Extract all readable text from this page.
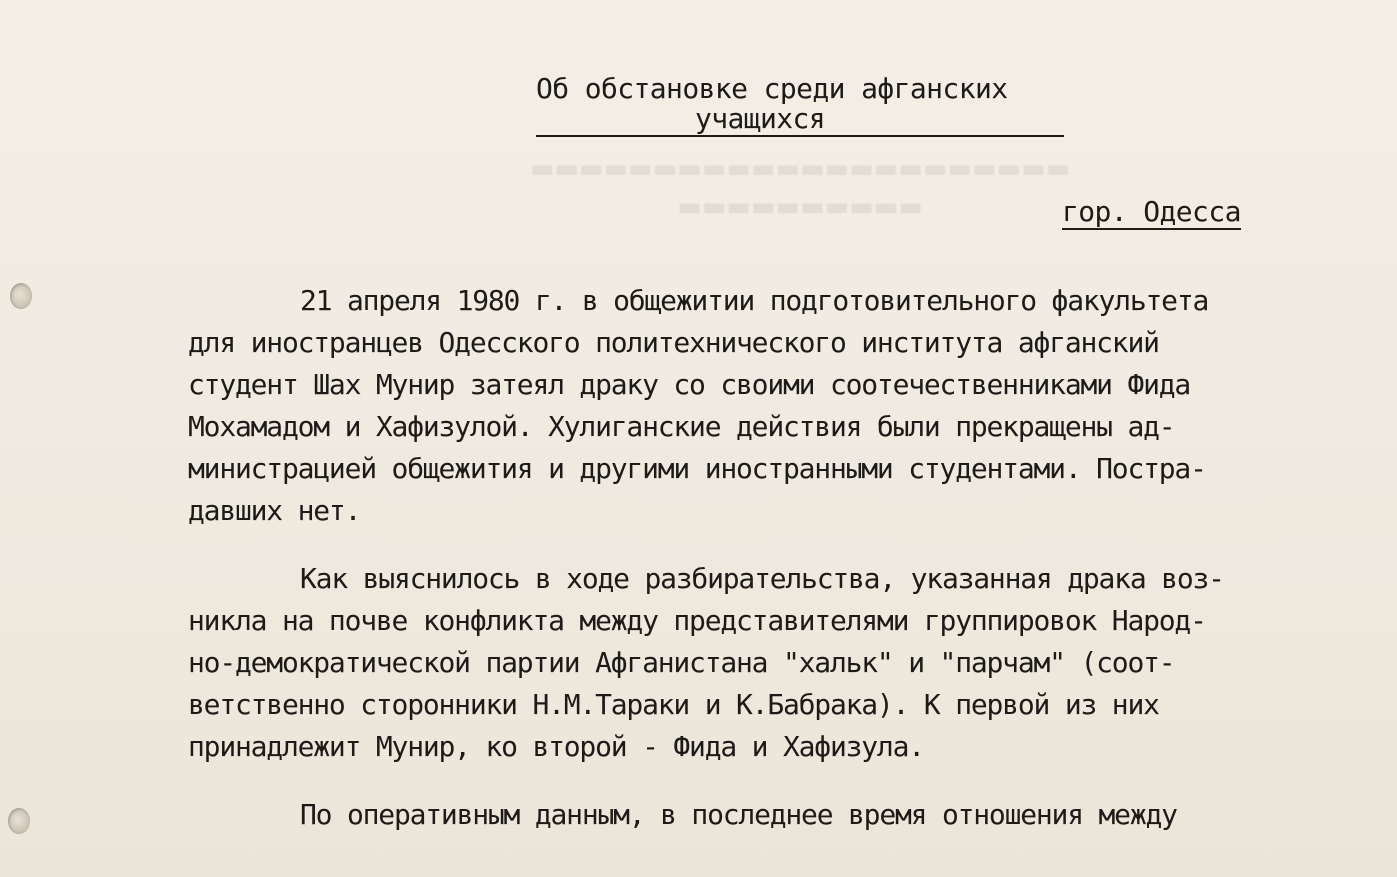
▬▬▬▬▬▬▬▬▬▬▬▬▬▬▬▬▬▬▬▬▬▬
▬▬▬▬▬▬▬▬▬▬
Об обстановке среди афганских
учащихся
гор. Одесса
21 апреля 1980 г. в общежитии подготовительного факультета
для иностранцев Одесского политехнического института афганский
студент Шах Мунир затеял драку со своими соотечественниками Фида
Мохамадом и Хафизулой. Хулиганские действия были прекращены ад-
министрацией общежития и другими иностранными студентами. Постра-
давших нет.
Как выяснилось в ходе разбирательства, указанная драка воз-
никла на почве конфликта между представителями группировок Народ-
но-демократической партии Афганистана "хальк" и "парчам" (соот-
ветственно сторонники Н.М.Тараки и К.Бабрака). К первой из них
принадлежит Мунир, ко второй - Фида и Хафизула.
По оперативным данным, в последнее время отношения между
